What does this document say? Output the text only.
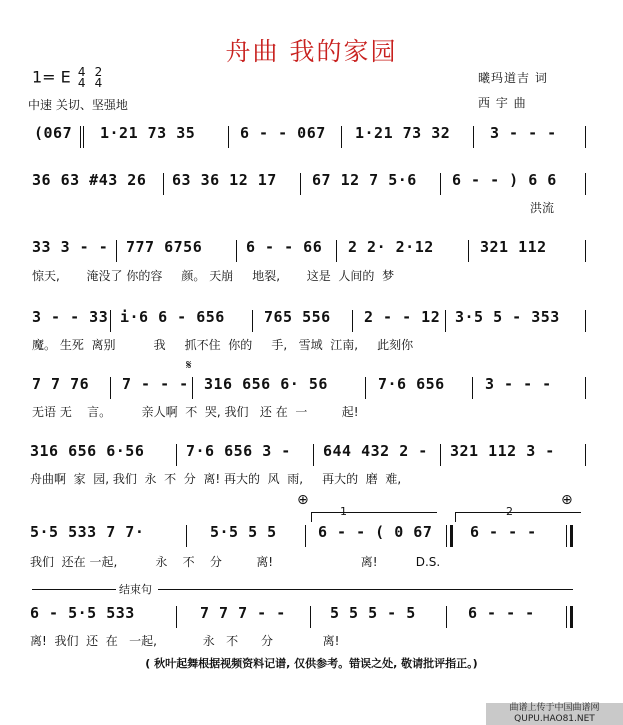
舟曲 我的家园
1= E 4
4 2
4
中速 关切、坚强地
曦玛道吉 词
西 宇 曲
(067 1·21 73 35	6 - - 067 1·21 73 32	3 - - -
36 63 #43 26 63 36 12 17 67 12 7 5·6 6 - - ) 6 6
洪流
33 3 - - 777 6756	6 - - 66 2 2· 2·12	321 112
惊天,       淹没了 你的容     颜。 天崩     地裂,       这是  人间的  梦
3 - - 33 i·6 6 - 656	765 556 2 - - 12 3·5 5 - 353
魔。 生死  离别          我     抓不住  你的     手,   雪域  江南,     此刻你
𝄋
7 7 76 7 - - - 316 656 6· 56	7·6 656	3 - - -
无语 无    言。        亲人啊  不  哭, 我们   还 在  一         起!
316 656 6·56	7·6 656 3 - 644 432 2 - 321 112 3 -
舟曲啊  家  园, 我们  永  不  分  离! 再大的  风  雨,     再大的  磨  难,
⊕	⊕
1	2
5·5 533 7 7·	5·5 5 5	6 - - ( 0 67	6 - - -
我们  还在 一起,          永    不    分         离!                       离!          D.S.
结束句
6 - 5·5 533	7 7 7 - -	5 5 5 - 5	6 - - -
离!  我们  还  在   一起,            永   不      分             离!
( 秋叶起舞根据视频资料记谱, 仅供参考。错误之处, 敬请批评指正。)
曲谱上传于中国曲谱网
QUPU.HAO81.NET
